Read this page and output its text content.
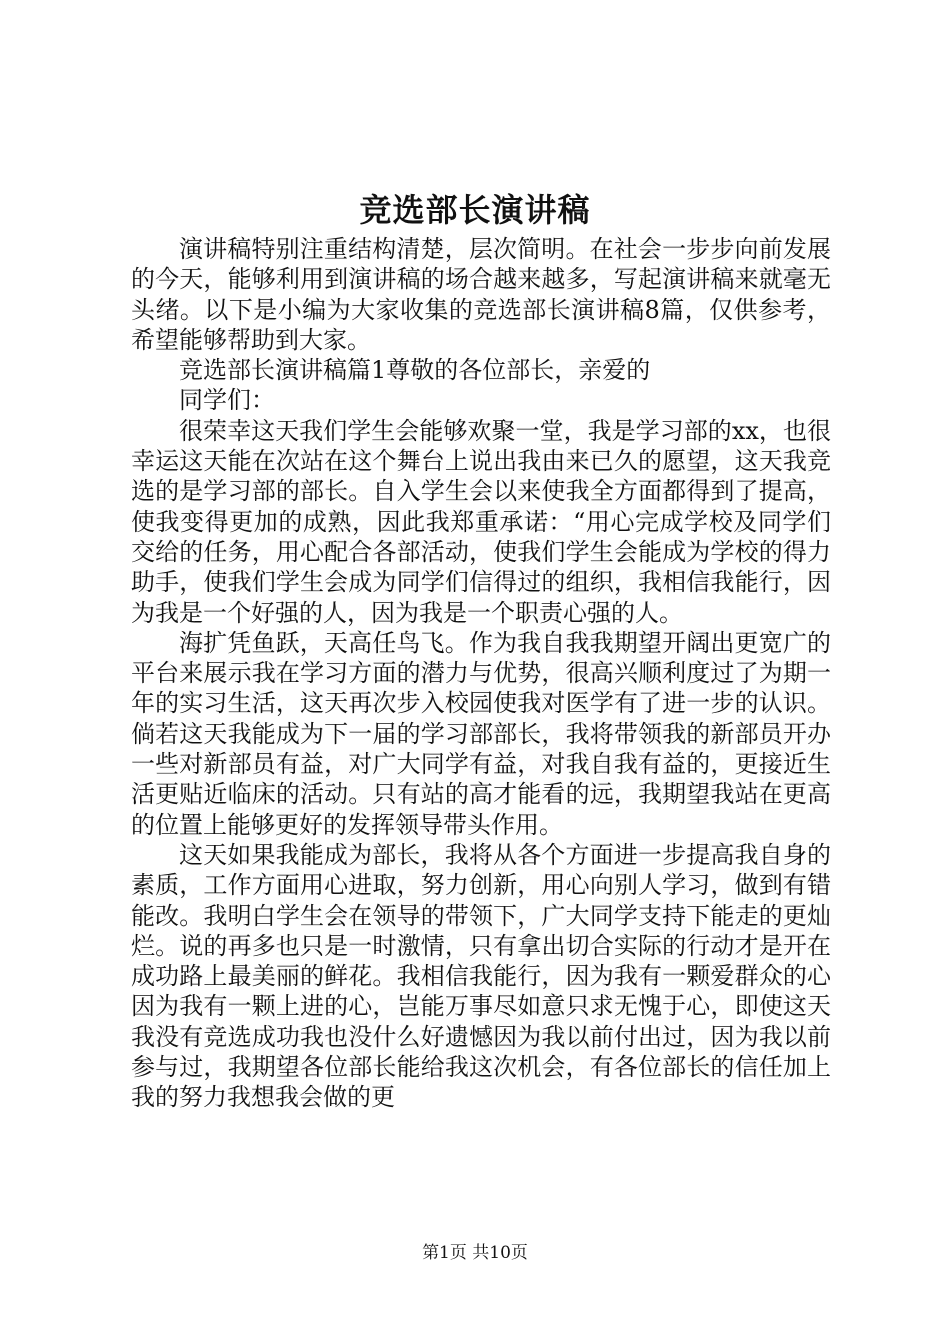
竞选部长演讲稿

演讲稿特别注重结构清楚，层次简明。在社会一步步向前发展的今天，能够利用到演讲稿的场合越来越多，写起演讲稿来就毫无头绪。以下是小编为大家收集的竞选部长演讲稿8篇，仅供参考，希望能够帮助到大家。

竞选部长演讲稿篇1尊敬的各位部长，亲爱的

同学们：

很荣幸这天我们学生会能够欢聚一堂，我是学习部的xx，也很幸运这天能在次站在这个舞台上说出我由来已久的愿望，这天我竞选的是学习部的部长。自入学生会以来使我全方面都得到了提高，使我变得更加的成熟，因此我郑重承诺：“用心完成学校及同学们交给的任务，用心配合各部活动，使我们学生会能成为学校的得力助手，使我们学生会成为同学们信得过的组织，我相信我能行，因为我是一个好强的人，因为我是一个职责心强的人。

海扩凭鱼跃，天高任鸟飞。作为我自我我期望开阔出更宽广的平台来展示我在学习方面的潜力与优势，很高兴顺利度过了为期一年的实习生活，这天再次步入校园使我对医学有了进一步的认识。倘若这天我能成为下一届的学习部部长，我将带领我的新部员开办一些对新部员有益，对广大同学有益，对我自我有益的，更接近生活更贴近临床的活动。只有站的高才能看的远，我期望我站在更高的位置上能够更好的发挥领导带头作用。

这天如果我能成为部长，我将从各个方面进一步提高我自身的素质，工作方面用心进取，努力创新，用心向别人学习，做到有错能改。我明白学生会在领导的带领下，广大同学支持下能走的更灿烂。说的再多也只是一时激情，只有拿出切合实际的行动才是开在成功路上最美丽的鲜花。我相信我能行，因为我有一颗爱群众的心因为我有一颗上进的心，岂能万事尽如意只求无愧于心，即使这天我没有竞选成功我也没什么好遗憾因为我以前付出过，因为我以前参与过，我期望各位部长能给我这次机会，有各位部长的信任加上我的努力我想我会做的更

第1页 共10页
